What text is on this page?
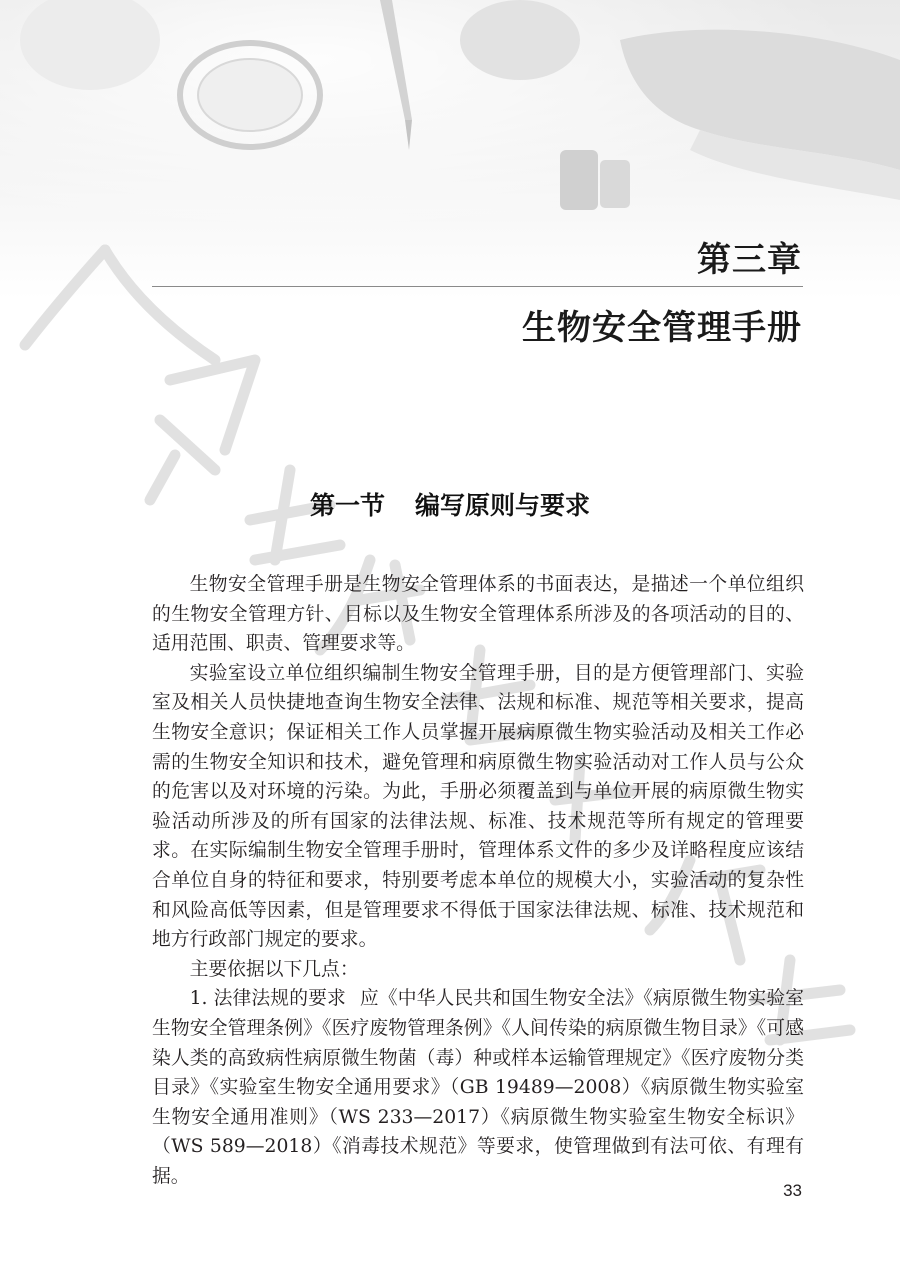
第三章
生物安全管理手册
第一节 编写原则与要求

生物安全管理手册是生物安全管理体系的书面表达，是描述一个单位组织的生物安全管理方针、目标以及生物安全管理体系所涉及的各项活动的目的、适用范围、职责、管理要求等。

实验室设立单位组织编制生物安全管理手册，目的是方便管理部门、实验室及相关人员快捷地查询生物安全法律、法规和标准、规范等相关要求，提高生物安全意识；保证相关工作人员掌握开展病原微生物实验活动及相关工作必需的生物安全知识和技术，避免管理和病原微生物实验活动对工作人员与公众的危害以及对环境的污染。为此，手册必须覆盖到与单位开展的病原微生物实验活动所涉及的所有国家的法律法规、标准、技术规范等所有规定的管理要求。在实际编制生物安全管理手册时，管理体系文件的多少及详略程度应该结合单位自身的特征和要求，特别要考虑本单位的规模大小，实验活动的复杂性和风险高低等因素，但是管理要求不得低于国家法律法规、标准、技术规范和地方行政部门规定的要求。

主要依据以下几点：

1. 法律法规的要求 应《中华人民共和国生物安全法》《病原微生物实验室生物安全管理条例》《医疗废物管理条例》《人间传染的病原微生物目录》《可感染人类的高致病性病原微生物菌（毒）种或样本运输管理规定》《医疗废物分类目录》《实验室生物安全通用要求》（GB 19489—2008）《病原微生物实验室生物安全通用准则》（WS 233—2017）《病原微生物实验室生物安全标识》（WS 589—2018）《消毒技术规范》等要求，使管理做到有法可依、有理有据。

33
